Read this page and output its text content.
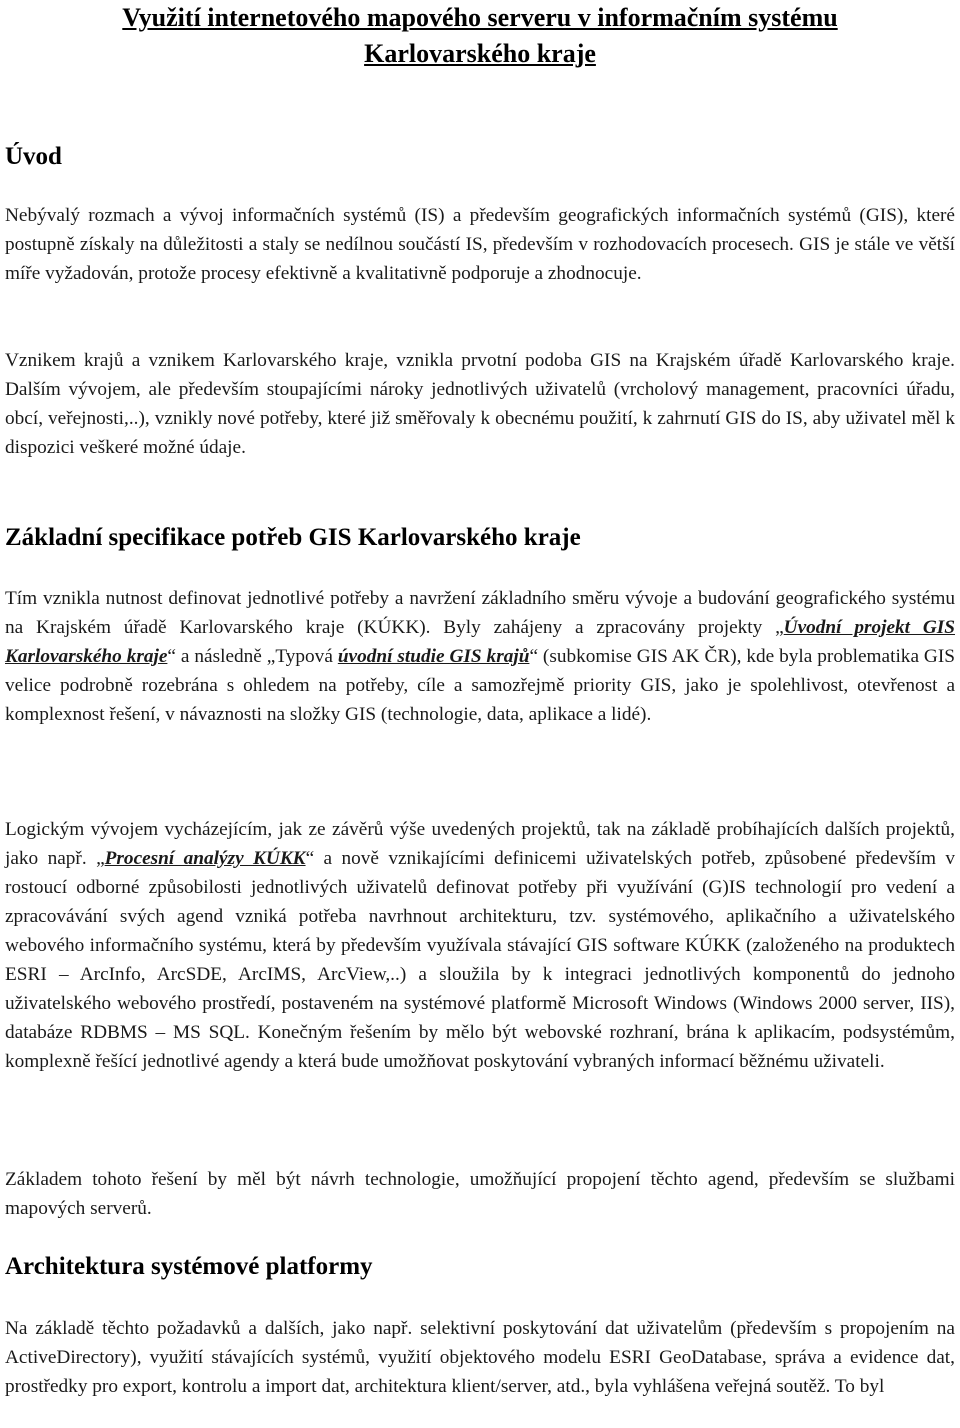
Využití internetového mapového serveru v informačním systému
Karlovarského kraje
Úvod

Nebývalý rozmach a vývoj informačních systémů (IS) a především geografických informačních systémů (GIS), které postupně získaly na důležitosti a staly se nedílnou součástí IS, především v rozhodovacích procesech. GIS je stále ve větší míře vyžadován, protože procesy efektivně a kvalitativně podporuje a zhodnocuje.

Vznikem krajů a vznikem Karlovarského kraje, vznikla prvotní podoba GIS na Krajském úřadě Karlovarského kraje. Dalším vývojem, ale především stoupajícími nároky jednotlivých uživatelů (vrcholový management, pracovníci úřadu, obcí, veřejnosti,..), vznikly nové potřeby, které již směřovaly k obecnému použití, k zahrnutí GIS do IS, aby uživatel měl k dispozici veškeré možné údaje.

Základní specifikace potřeb GIS Karlovarského kraje

Tím vznikla nutnost definovat jednotlivé potřeby a navržení základního směru vývoje a budování geografického systému na Krajském úřadě Karlovarského kraje (KÚKK). Byly zahájeny a zpracovány projekty „Úvodní projekt GIS Karlovarského kraje“ a následně „Typová úvodní studie GIS krajů“ (subkomise GIS AK ČR), kde byla problematika GIS velice podrobně rozebrána s ohledem na potřeby, cíle a samozřejmě priority GIS, jako je spolehlivost, otevřenost a komplexnost řešení, v návaznosti na složky GIS (technologie, data, aplikace a lidé).

Logickým vývojem vycházejícím, jak ze závěrů výše uvedených projektů, tak na základě probíhajících dalších projektů, jako např. „Procesní analýzy KÚKK“ a nově vznikajícími definicemi uživatelských potřeb, způsobené především v rostoucí odborné způsobilosti jednotlivých uživatelů definovat potřeby při využívání (G)IS technologií pro vedení a zpracovávání svých agend vzniká potřeba navrhnout architekturu, tzv. systémového, aplikačního a uživatelského webového informačního systému, která by především využívala stávající GIS software KÚKK (založeného na produktech ESRI – ArcInfo, ArcSDE, ArcIMS, ArcView,..) a sloužila by k integraci jednotlivých komponentů do jednoho uživatelského webového prostředí, postaveném na systémové platformě Microsoft Windows (Windows 2000 server, IIS), databáze RDBMS – MS SQL. Konečným řešením by mělo být webovské rozhraní, brána k aplikacím, podsystémům, komplexně řešící jednotlivé agendy a která bude umožňovat poskytování vybraných informací běžnému uživateli.

Základem tohoto řešení by měl být návrh technologie, umožňující propojení těchto agend, především se službami mapových serverů.

Architektura systémové platformy

Na základě těchto požadavků a dalších, jako např. selektivní poskytování dat uživatelům (především s propojením na ActiveDirectory), využití stávajících systémů, využití objektového modelu ESRI GeoDatabase, správa a evidence dat, prostředky pro export, kontrolu a import dat, architektura klient/server, atd., byla vyhlášena veřejná soutěž. To byl
